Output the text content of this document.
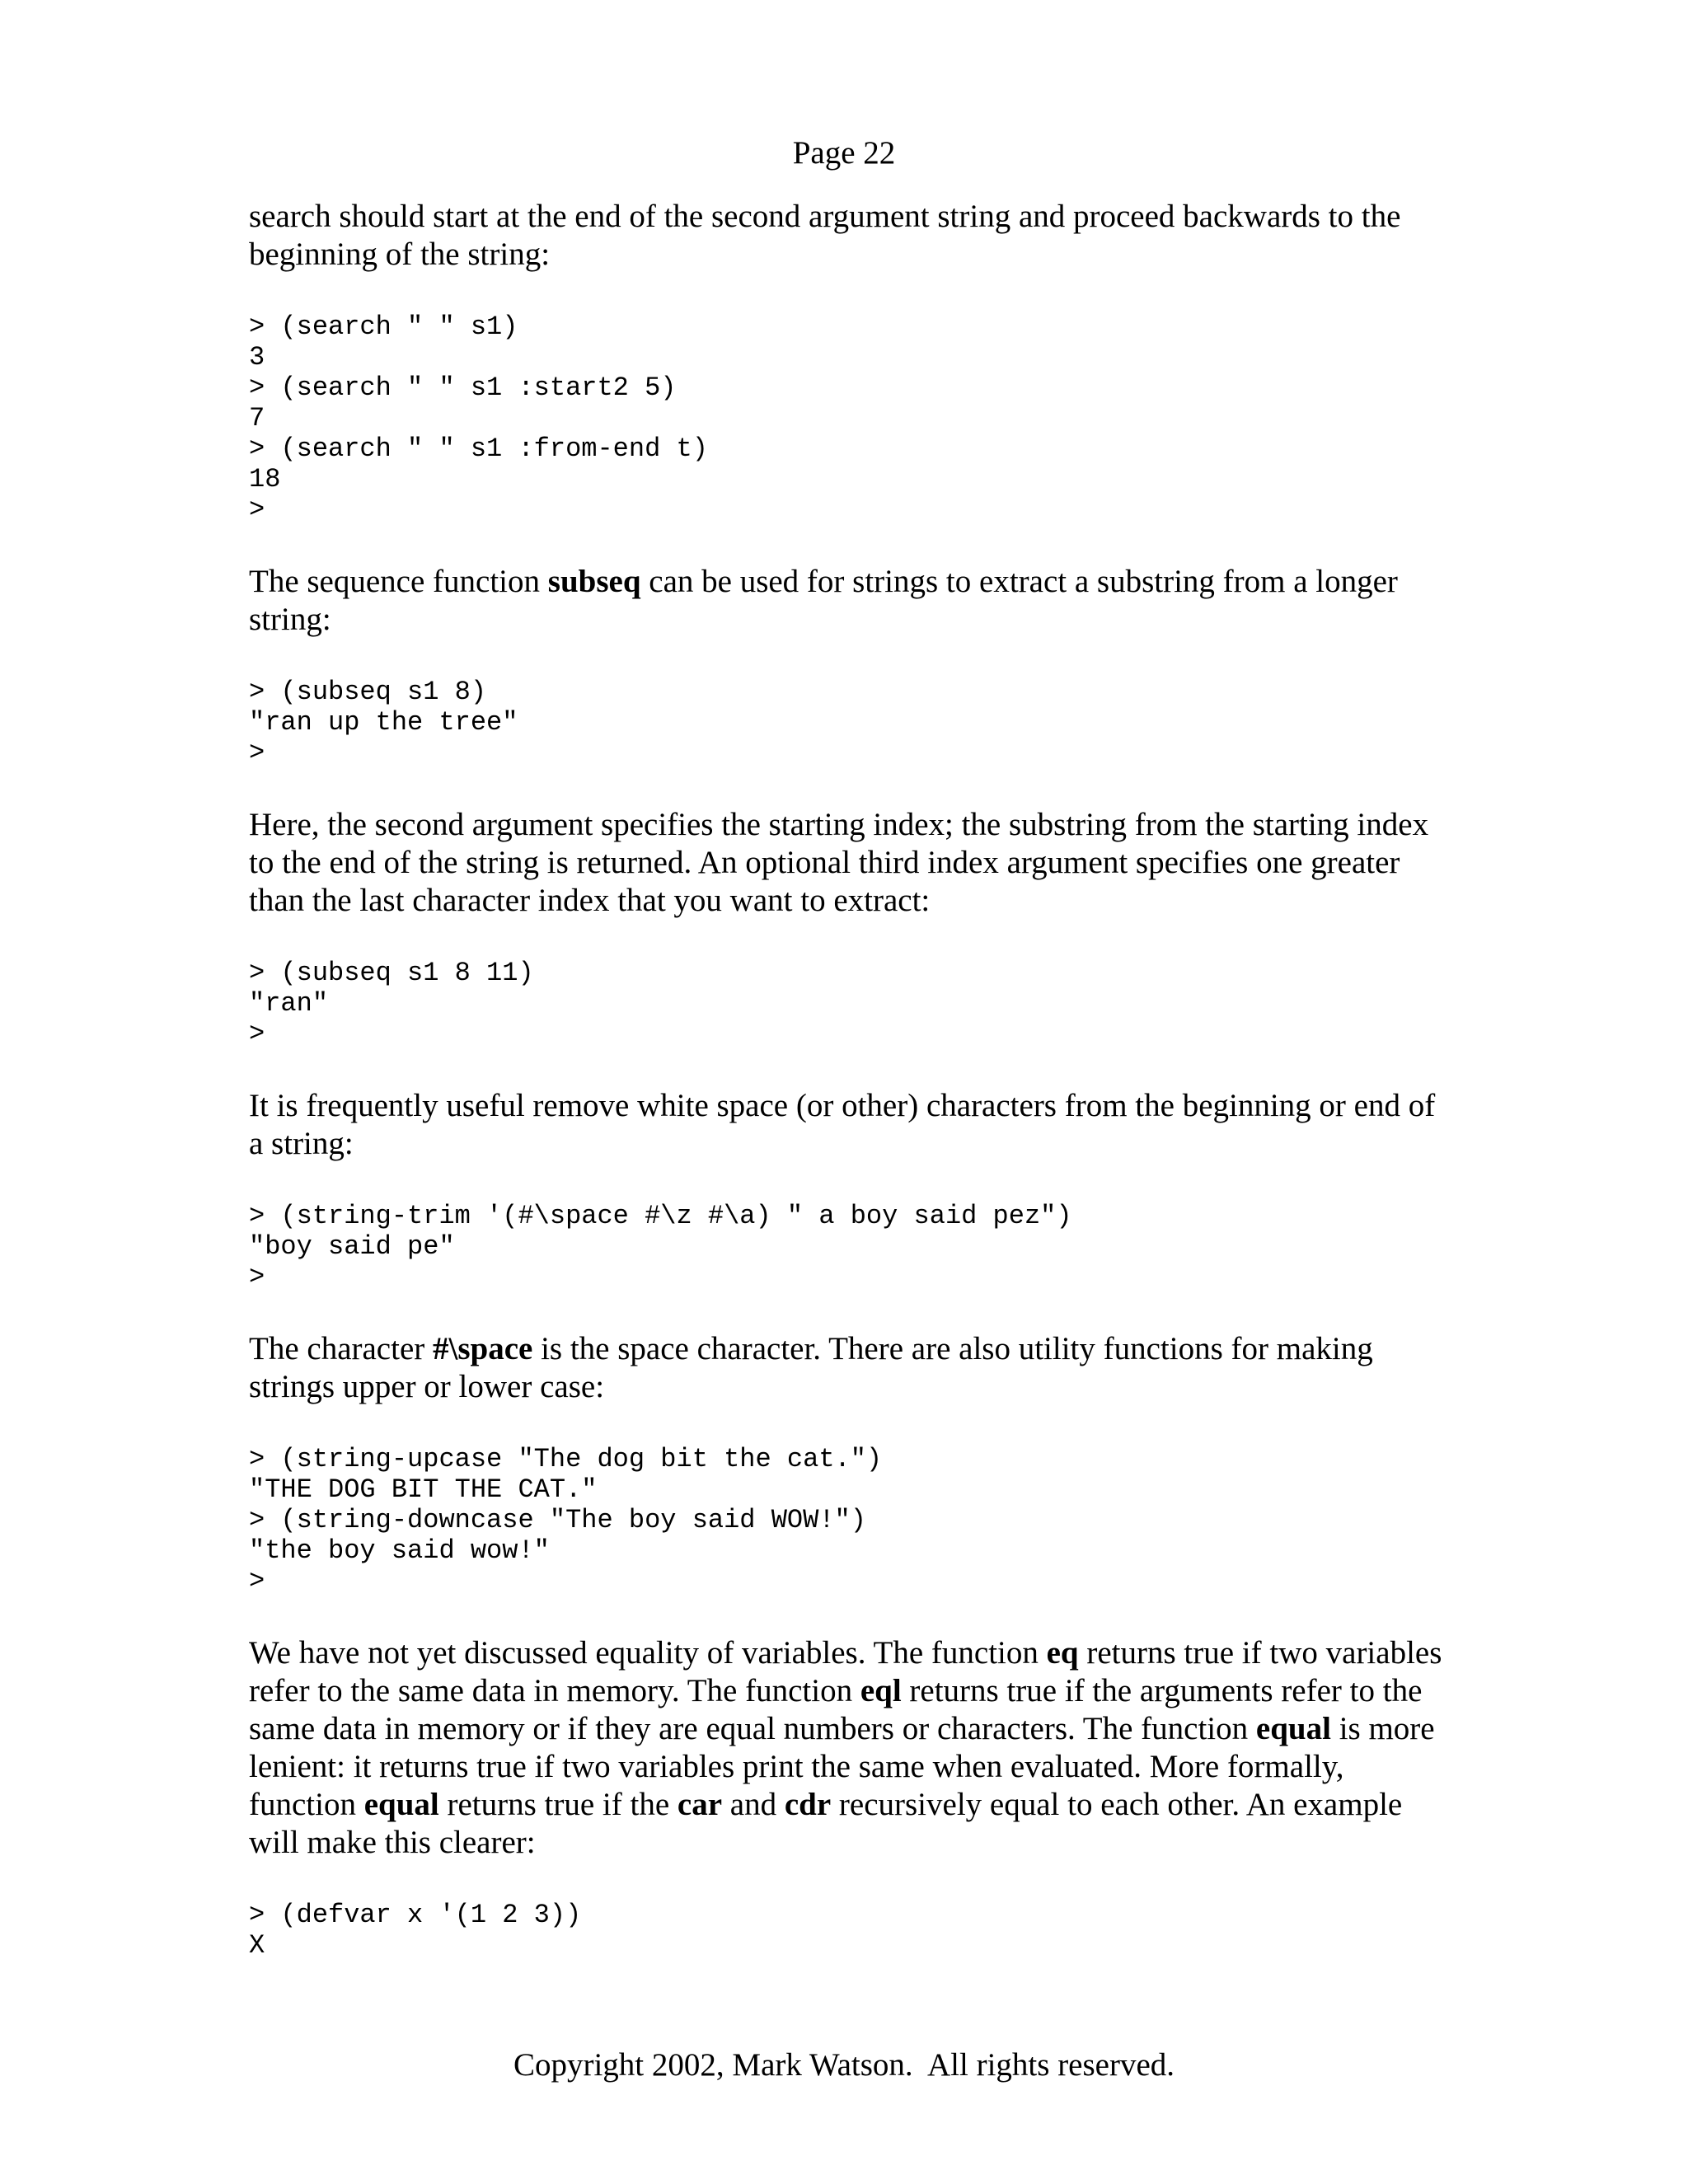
Page 22

search should start at the end of the second argument string and proceed backwards to the beginning of the string:

> (search " " s1)
3
> (search " " s1 :start2 5)
7
> (search " " s1 :from-end t)
18
>

The sequence function subseq can be used for strings to extract a substring from a longer string:

> (subseq s1 8)
"ran up the tree"
>

Here, the second argument specifies the starting index; the substring from the starting index to the end of the string is returned. An optional third index argument specifies one greater than the last character index that you want to extract:

> (subseq s1 8 11)
"ran"
>

It is frequently useful remove white space (or other) characters from the beginning or end of a string:

> (string-trim '(#\space #\z #\a) " a boy said pez")
"boy said pe"
>

The character #\space is the space character. There are also utility functions for making strings upper or lower case:

> (string-upcase "The dog bit the cat.")
"THE DOG BIT THE CAT."
> (string-downcase "The boy said WOW!")
"the boy said wow!"
>

We have not yet discussed equality of variables. The function eq returns true if two variables refer to the same data in memory. The function eql returns true if the arguments refer to the same data in memory or if they are equal numbers or characters. The function equal is more lenient: it returns true if two variables print the same when evaluated. More formally, function equal returns true if the car and cdr recursively equal to each other. An example will make this clearer:

> (defvar x '(1 2 3))
X
Copyright 2002, Mark Watson.  All rights reserved.
